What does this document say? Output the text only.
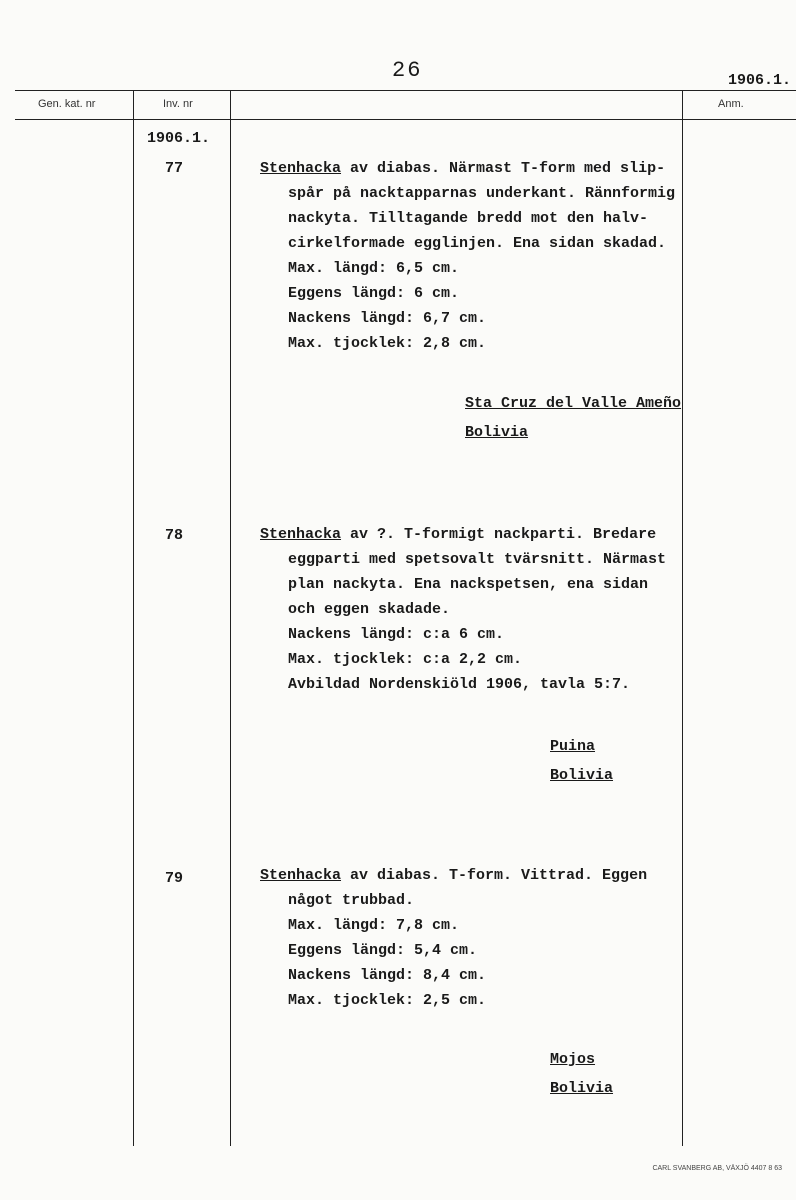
26	1906.1.
Gen. kat. nr	Inv. nr	Anm.
1906.1.
77	Stenhacka av diabas. Närmast T-form med slip-
spår på nacktapparnas underkant. Rännformig
nackyta. Tilltagande bredd mot den halv-
cirkelformade egglinjen. Ena sidan skadad.
Max. längd: 6,5 cm.
Eggens längd: 6 cm.
Nackens längd: 6,7 cm.
Max. tjocklek: 2,8 cm.
Sta Cruz del Valle Ameño
Bolivia
78	Stenhacka av ?. T-formigt nackparti. Bredare
eggparti med spetsovalt tvärsnitt. Närmast
plan nackyta. Ena nackspetsen, ena sidan
och eggen skadade.
Nackens längd: c:a 6 cm.
Max. tjocklek: c:a 2,2 cm.
Avbildad Nordenskiöld 1906, tavla 5:7.
Puina
Bolivia
79	Stenhacka av diabas. T-form. Vittrad. Eggen
något trubbad.
Max. längd: 7,8 cm.
Eggens längd: 5,4 cm.
Nackens längd: 8,4 cm.
Max. tjocklek: 2,5 cm.
Mojos
Bolivia
CARL SVANBERG AB, VÄXJÖ 4407 8 63
